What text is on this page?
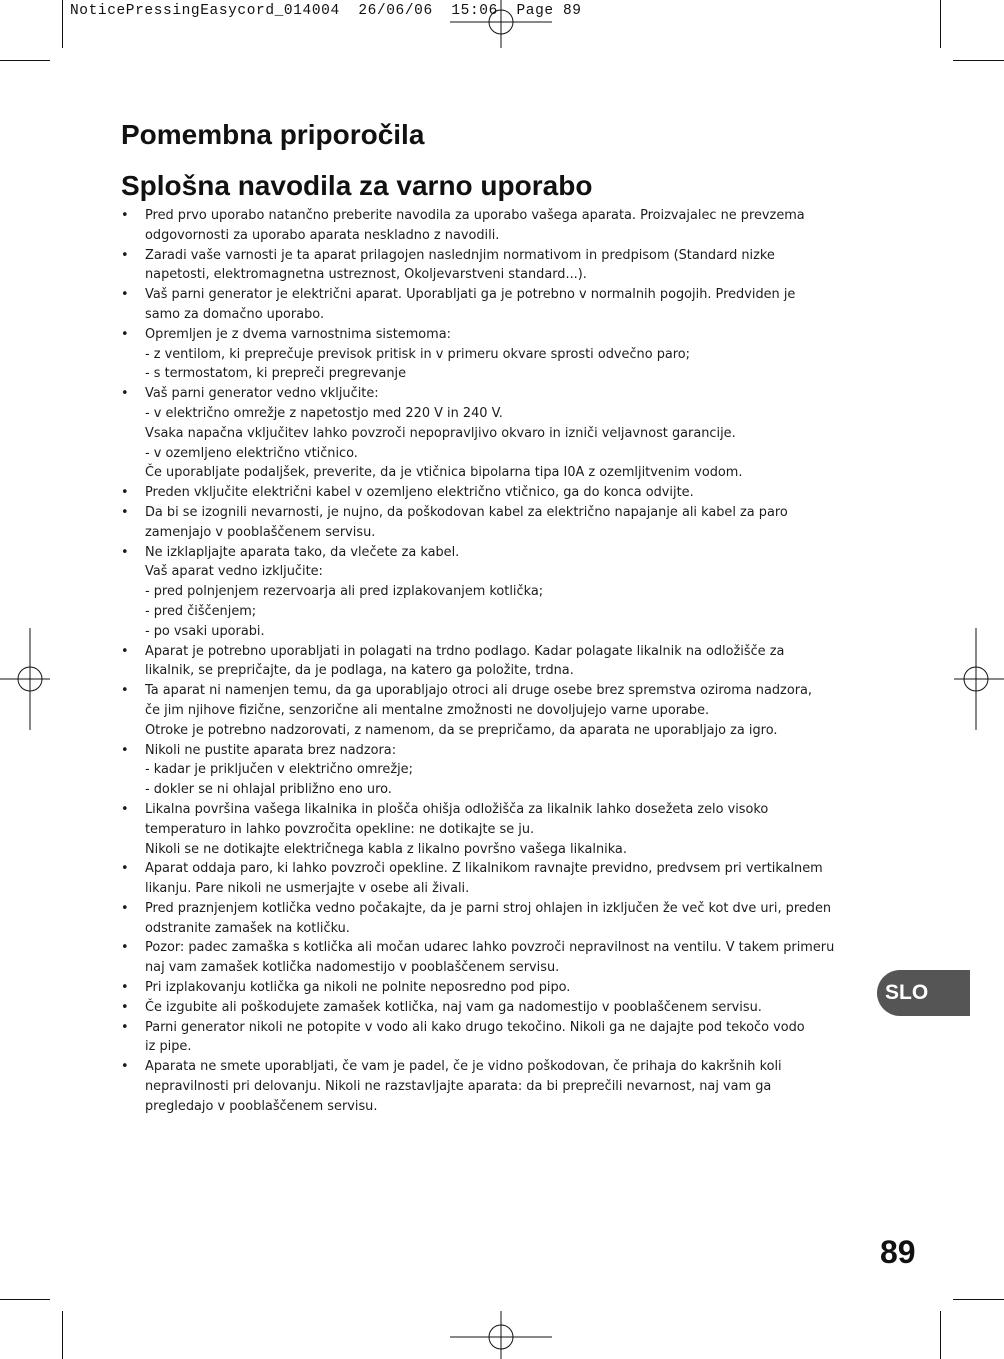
NoticePressingEasycord_014004  26/06/06  15:06  Page 89
Pomembna priporočila
Splošna navodila za varno uporabo
• Pred prvo uporabo natančno preberite navodila za uporabo vašega aparata. Proizvajalec ne prevzema
odgovornosti za uporabo aparata neskladno z navodili.
• Zaradi vaše varnosti je ta aparat prilagojen naslednjim normativom in predpisom (Standard nizke
napetosti, elektromagnetna ustreznost, Okoljevarstveni standard...).
• Vaš parni generator je električni aparat. Uporabljati ga je potrebno v normalnih pogojih. Predviden je
samo za domačno uporabo.
• Opremljen je z dvema varnostnima sistemoma:
- z ventilom, ki preprečuje previsok pritisk in v primeru okvare sprosti odvečno paro;
- s termostatom, ki prepreči pregrevanje
• Vaš parni generator vedno vključite:
- v električno omrežje z napetostjo med 220 V in 240 V.
Vsaka napačna vključitev lahko povzroči nepopravljivo okvaro in izniči veljavnost garancije.
- v ozemljeno električno vtičnico.
Če uporabljate podaljšek, preverite, da je vtičnica bipolarna tipa I0A z ozemljitvenim vodom.
• Preden vključite električni kabel v ozemljeno električno vtičnico, ga do konca odvijte.
• Da bi se izognili nevarnosti, je nujno, da poškodovan kabel za električno napajanje ali kabel za paro
zamenjajo v pooblaščenem servisu.
• Ne izklapljajte aparata tako, da vlečete za kabel.
Vaš aparat vedno izključite:
- pred polnjenjem rezervoarja ali pred izplakovanjem kotlička;
- pred čiščenjem;
- po vsaki uporabi.
• Aparat je potrebno uporabljati in polagati na trdno podlago. Kadar polagate likalnik na odložišče za
likalnik, se prepričajte, da je podlaga, na katero ga položite, trdna.
• Ta aparat ni namenjen temu, da ga uporabljajo otroci ali druge osebe brez spremstva oziroma nadzora,
če jim njihove fizične, senzorične ali mentalne zmožnosti ne dovoljujejo varne uporabe.
Otroke je potrebno nadzorovati, z namenom, da se prepričamo, da aparata ne uporabljajo za igro.
• Nikoli ne pustite aparata brez nadzora:
- kadar je priključen v električno omrežje;
- dokler se ni ohlajal približno eno uro.
• Likalna površina vašega likalnika in plošča ohišja odložišča za likalnik lahko dosežeta zelo visoko
temperaturo in lahko povzročita opekline: ne dotikajte se ju.
Nikoli se ne dotikajte električnega kabla z likalno površno vašega likalnika.
• Aparat oddaja paro, ki lahko povzroči opekline. Z likalnikom ravnajte previdno, predvsem pri vertikalnem
likanju. Pare nikoli ne usmerjajte v osebe ali živali.
• Pred praznjenjem kotlička vedno počakajte, da je parni stroj ohlajen in izključen že več kot dve uri, preden
odstranite zamašek na kotličku.
• Pozor: padec zamaška s kotlička ali močan udarec lahko povzroči nepravilnost na ventilu. V takem primeru
naj vam zamašek kotlička nadomestijo v pooblaščenem servisu.
• Pri izplakovanju kotlička ga nikoli ne polnite neposredno pod pipo.
• Če izgubite ali poškodujete zamašek kotlička, naj vam ga nadomestijo v pooblaščenem servisu.
• Parni generator nikoli ne potopite v vodo ali kako drugo tekočino. Nikoli ga ne dajajte pod tekočo vodo
iz pipe.
• Aparata ne smete uporabljati, če vam je padel, če je vidno poškodovan, če prihaja do kakršnih koli
nepravilnosti pri delovanju. Nikoli ne razstavljajte aparata: da bi preprečili nevarnost, naj vam ga
pregledajo v pooblaščenem servisu.
SLO
89
